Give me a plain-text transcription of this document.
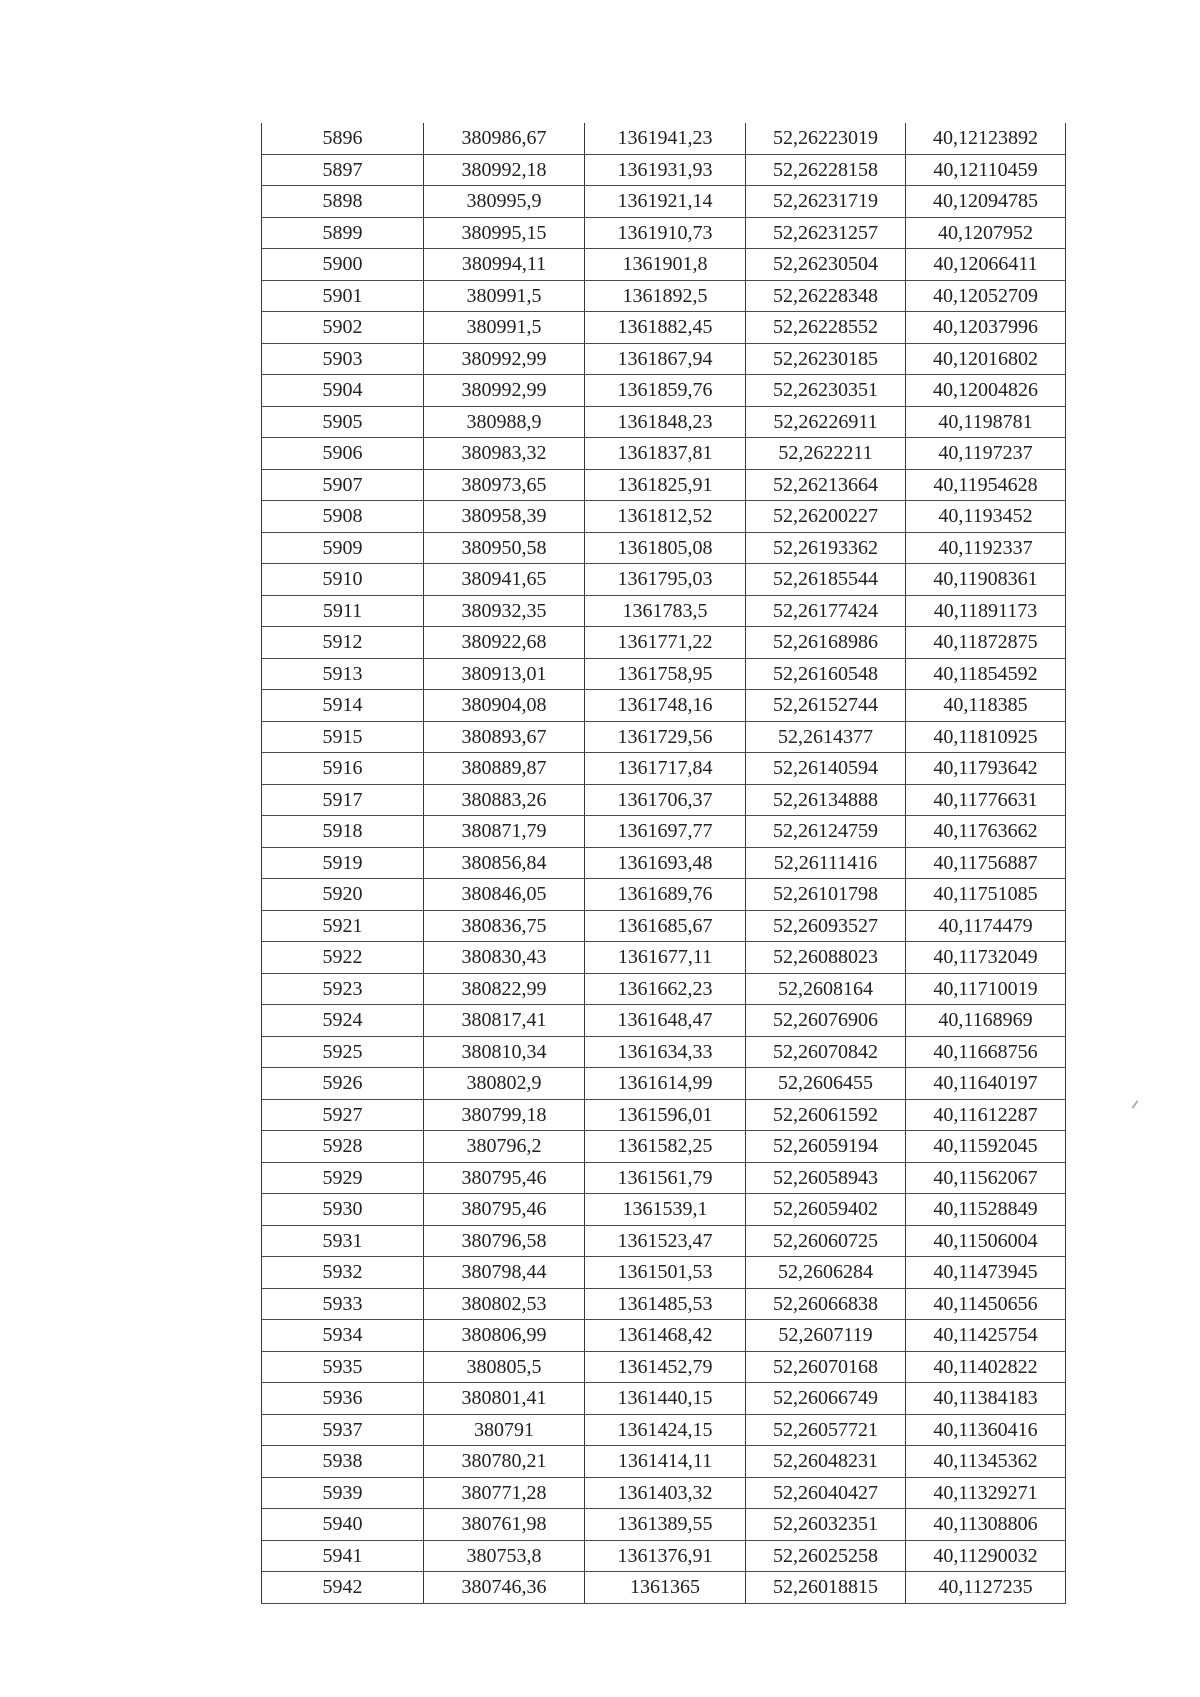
5896	380986,67	1361941,23	52,26223019	40,12123892
5897	380992,18	1361931,93	52,26228158	40,12110459
5898	380995,9	1361921,14	52,26231719	40,12094785
5899	380995,15	1361910,73	52,26231257	40,1207952
5900	380994,11	1361901,8	52,26230504	40,12066411
5901	380991,5	1361892,5	52,26228348	40,12052709
5902	380991,5	1361882,45	52,26228552	40,12037996
5903	380992,99	1361867,94	52,26230185	40,12016802
5904	380992,99	1361859,76	52,26230351	40,12004826
5905	380988,9	1361848,23	52,26226911	40,1198781
5906	380983,32	1361837,81	52,2622211	40,1197237
5907	380973,65	1361825,91	52,26213664	40,11954628
5908	380958,39	1361812,52	52,26200227	40,1193452
5909	380950,58	1361805,08	52,26193362	40,1192337
5910	380941,65	1361795,03	52,26185544	40,11908361
5911	380932,35	1361783,5	52,26177424	40,11891173
5912	380922,68	1361771,22	52,26168986	40,11872875
5913	380913,01	1361758,95	52,26160548	40,11854592
5914	380904,08	1361748,16	52,26152744	40,118385
5915	380893,67	1361729,56	52,2614377	40,11810925
5916	380889,87	1361717,84	52,26140594	40,11793642
5917	380883,26	1361706,37	52,26134888	40,11776631
5918	380871,79	1361697,77	52,26124759	40,11763662
5919	380856,84	1361693,48	52,26111416	40,11756887
5920	380846,05	1361689,76	52,26101798	40,11751085
5921	380836,75	1361685,67	52,26093527	40,1174479
5922	380830,43	1361677,11	52,26088023	40,11732049
5923	380822,99	1361662,23	52,2608164	40,11710019
5924	380817,41	1361648,47	52,26076906	40,1168969
5925	380810,34	1361634,33	52,26070842	40,11668756
5926	380802,9	1361614,99	52,2606455	40,11640197
5927	380799,18	1361596,01	52,26061592	40,11612287
5928	380796,2	1361582,25	52,26059194	40,11592045
5929	380795,46	1361561,79	52,26058943	40,11562067
5930	380795,46	1361539,1	52,26059402	40,11528849
5931	380796,58	1361523,47	52,26060725	40,11506004
5932	380798,44	1361501,53	52,2606284	40,11473945
5933	380802,53	1361485,53	52,26066838	40,11450656
5934	380806,99	1361468,42	52,2607119	40,11425754
5935	380805,5	1361452,79	52,26070168	40,11402822
5936	380801,41	1361440,15	52,26066749	40,11384183
5937	380791	1361424,15	52,26057721	40,11360416
5938	380780,21	1361414,11	52,26048231	40,11345362
5939	380771,28	1361403,32	52,26040427	40,11329271
5940	380761,98	1361389,55	52,26032351	40,11308806
5941	380753,8	1361376,91	52,26025258	40,11290032
5942	380746,36	1361365	52,26018815	40,1127235
